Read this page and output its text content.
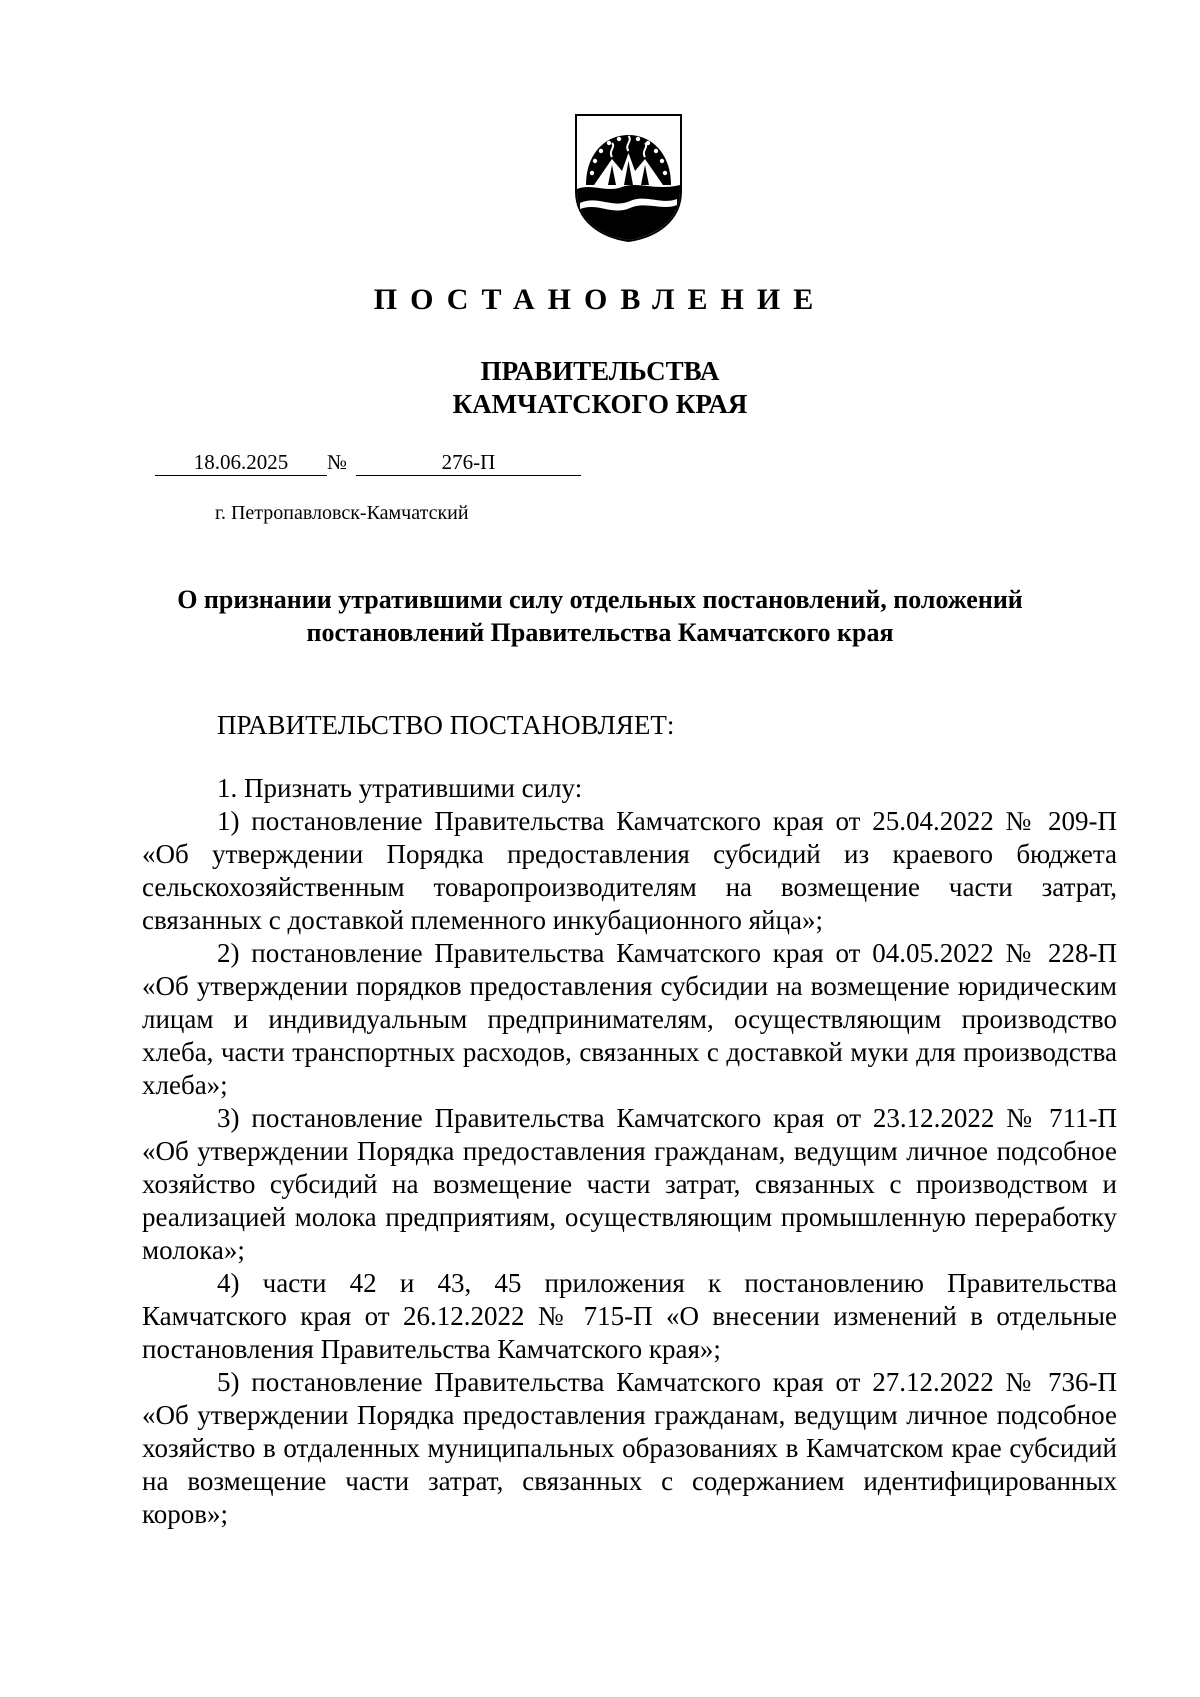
ПОСТАНОВЛЕНИЕ
ПРАВИТЕЛЬСТВА
КАМЧАТСКОГО КРАЯ
18.06.2025	№	276-П
г. Петропавловск-Камчатский
О признании утратившими силу отдельных постановлений, положений
постановлений Правительства Камчатского края
ПРАВИТЕЛЬСТВО ПОСТАНОВЛЯЕТ:

1. Признать утратившими силу:

1) постановление Правительства Камчатского края от 25.04.2022 № 209-П «Об утверждении Порядка предоставления субсидий из краевого бюджета сельскохозяйственным товаропроизводителям на возмещение части затрат, связанных с доставкой племенного инкубационного яйца»;

2) постановление Правительства Камчатского края от 04.05.2022 № 228-П «Об утверждении порядков предоставления субсидии на возмещение юридическим лицам и индивидуальным предпринимателям, осуществляющим производство хлеба, части транспортных расходов, связанных с доставкой муки для производства хлеба»;

3) постановление Правительства Камчатского края от 23.12.2022 № 711-П «Об утверждении Порядка предоставления гражданам, ведущим личное подсобное хозяйство субсидий на возмещение части затрат, связанных с производством и реализацией молока предприятиям, осуществляющим промышленную переработку молока»;

4) части 42 и 43, 45 приложения к постановлению Правительства Камчатского края от 26.12.2022 № 715-П «О внесении изменений в отдельные постановления Правительства Камчатского края»;

5) постановление Правительства Камчатского края от 27.12.2022 № 736-П «Об утверждении Порядка предоставления гражданам, ведущим личное подсобное хозяйство в отдаленных муниципальных образованиях в Камчатском крае субсидий на возмещение части затрат, связанных с содержанием идентифицированных коров»;
